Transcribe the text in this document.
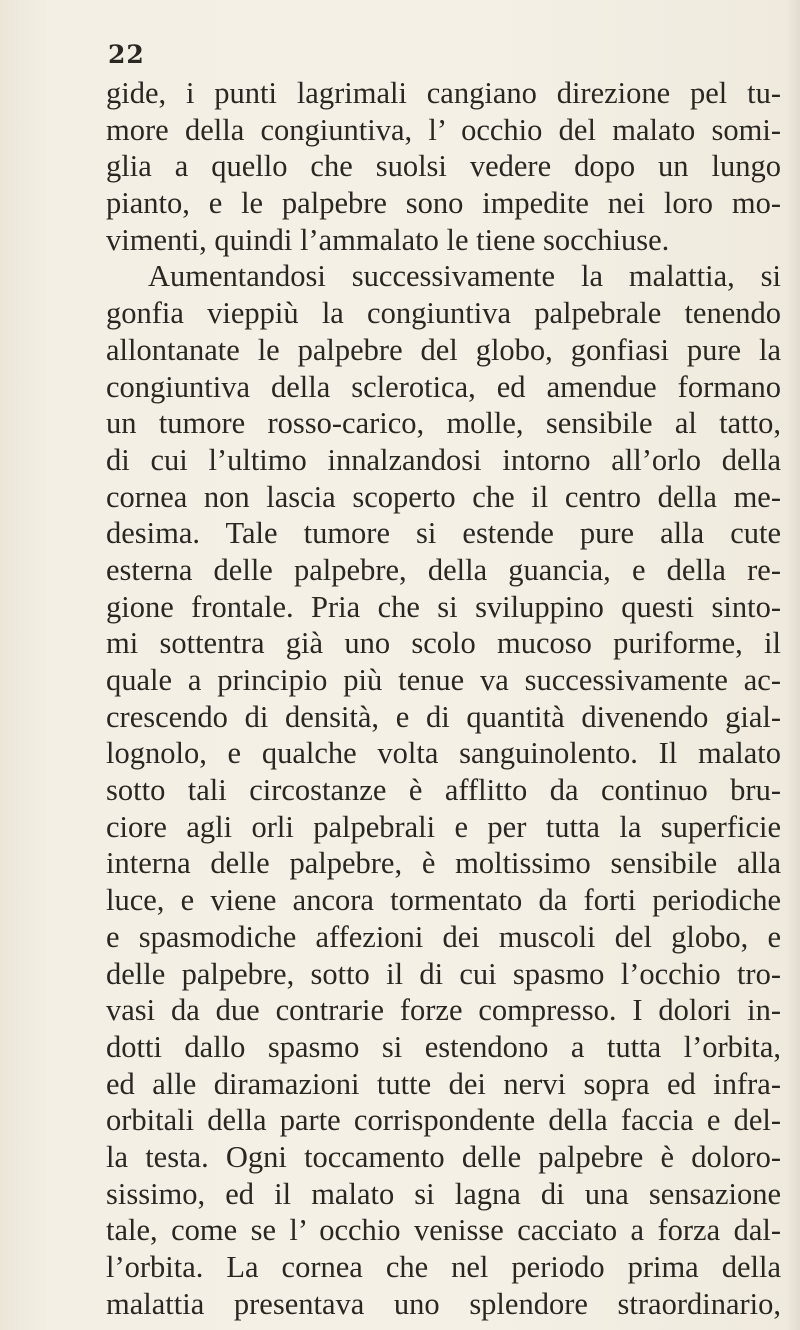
22
gide, i punti lagrimali cangiano direzione pel tu-
more della congiuntiva, l’ occhio del malato somi-
glia a quello che suolsi vedere dopo un lungo
pianto, e le palpebre sono impedite nei loro mo-
vimenti, quindi l’ammalato le tiene socchiuse.
Aumentandosi successivamente la malattia, si
gonfia vieppiù la congiuntiva palpebrale tenendo
allontanate le palpebre del globo, gonfiasi pure la
congiuntiva della sclerotica, ed amendue formano
un tumore rosso-carico, molle, sensibile al tatto,
di cui l’ultimo innalzandosi intorno all’orlo della
cornea non lascia scoperto che il centro della me-
desima. Tale tumore si estende pure alla cute
esterna delle palpebre, della guancia, e della re-
gione frontale. Pria che si sviluppino questi sinto-
mi sottentra già uno scolo mucoso puriforme, il
quale a principio più tenue va successivamente ac-
crescendo di densità, e di quantità divenendo gial-
lognolo, e qualche volta sanguinolento. Il malato
sotto tali circostanze è afflitto da continuo bru-
ciore agli orli palpebrali e per tutta la superficie
interna delle palpebre, è moltissimo sensibile alla
luce, e viene ancora tormentato da forti periodiche
e spasmodiche affezioni dei muscoli del globo, e
delle palpebre, sotto il di cui spasmo l’occhio tro-
vasi da due contrarie forze compresso. I dolori in-
dotti dallo spasmo si estendono a tutta l’orbita,
ed alle diramazioni tutte dei nervi sopra ed infra-
orbitali della parte corrispondente della faccia e del-
la testa. Ogni toccamento delle palpebre è doloro-
sissimo, ed il malato si lagna di una sensazione
tale, come se l’ occhio venisse cacciato a forza dal-
l’orbita. La cornea che nel periodo prima della
malattia presentava uno splendore straordinario,
